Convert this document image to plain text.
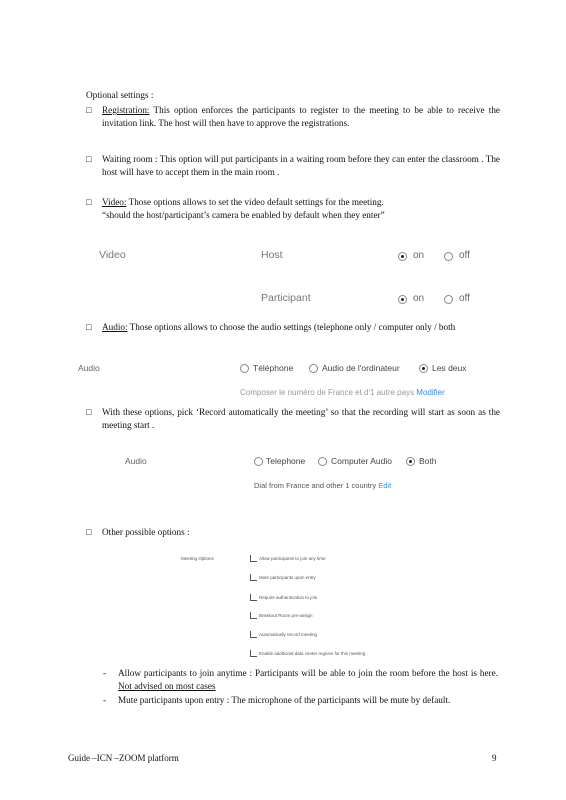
Optional settings :
□ Registration: This option enforces the participants to register to the meeting to be able to receive the invitation link. The host will then have to approve the registrations.
□ Waiting room : This option will put participants in a waiting room before they can enter the classroom . The host will have to accept them in the main room .
□ Video: Those options allows to set the video default settings for the meeting.
“should the host/participant’s camera be enabled by default when they enter”
Video	Host	on	off
Participant	on	off
□ Audio: Those options allows to choose the audio settings (telephone only / computer only / both
Audio	Téléphone	Audio de l'ordinateur	Les deux
Composer le numéro de France et d'1 autre pays Modifier
□ With these options, pick ‘Record automatically the meeting’ so that the recording will start as soon as the meeting start .
Audio	Telephone	Computer Audio	Both
Dial from France and other 1 country Edit
□ Other possible options :
Meeting Options	Allow participants to join any time
Mute participants upon entry
Require authentication to join
Breakout Room pre-assign
Automatically record meeting
Enable additional data center regions for this meeting
- Allow participants to join anytime : Participants will be able to join the room before the host is here. Not advised on most cases
- Mute participants upon entry : The microphone of the participants will be mute by default.
Guide –ICN –ZOOM platform	9
